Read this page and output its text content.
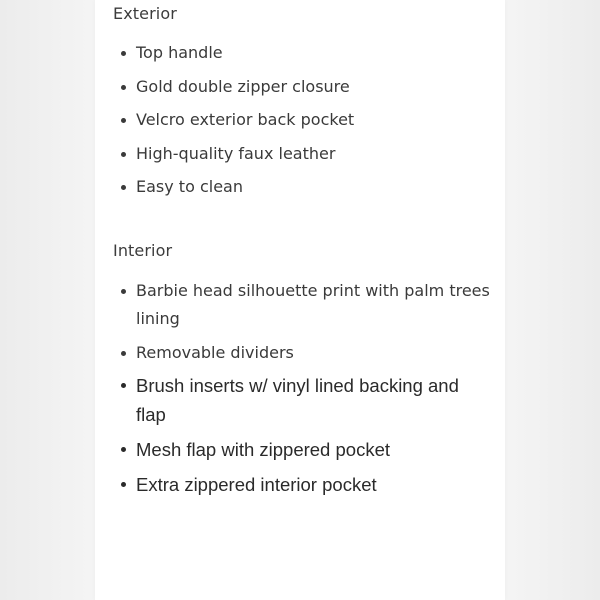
Exterior
Top handle
Gold double zipper closure
Velcro exterior back pocket
High-quality faux leather
Easy to clean
Interior
Barbie head silhouette print with palm trees lining
Removable dividers
Brush inserts w/ vinyl lined backing and flap
Mesh flap with zippered pocket
Extra zippered interior pocket
